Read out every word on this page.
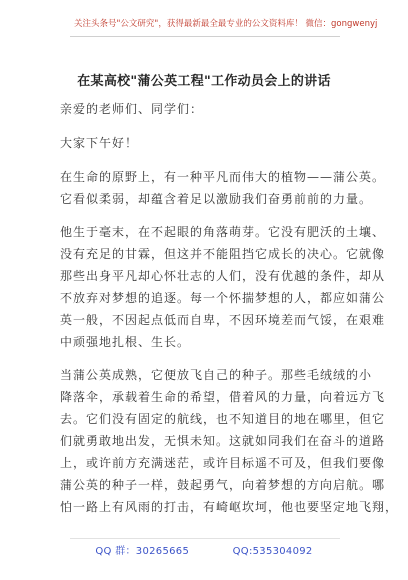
关注头条号"公文研究"，获得最新最全最专业的公文资料库！ 微信：gongwenyj
在某高校"蒲公英工程"工作动员会上的讲话
亲爱的老师们、同学们：
大家下午好！
在生命的原野上，有一种平凡而伟大的植物——蒲公英。
它看似柔弱，却蕴含着足以激励我们奋勇前前的力量。
他生于毫末，在不起眼的角落萌芽。它没有肥沃的土壤、
没有充足的甘霖，但这并不能阻挡它成长的决心。它就像
那些出身平凡却心怀壮志的人们，没有优越的条件，却从
不放弃对梦想的追逐。每一个怀揣梦想的人，都应如蒲公
英一般，不因起点低而自卑，不因环境差而气馁，在艰难
中顽强地扎根、生长。
当蒲公英成熟，它便放飞自己的种子。那些毛绒绒的小
降落伞，承载着生命的希望，借着风的力量，向着远方飞
去。它们没有固定的航线，也不知道目的地在哪里，但它
们就勇敢地出发，无惧未知。这就如同我们在奋斗的道路
上，或许前方充满迷茫，或许目标遥不可及，但我们要像
蒲公英的种子一样，鼓起勇气，向着梦想的方向启航。哪
怕一路上有风雨的打击，有崎岖坎坷，他也要坚定地飞翔，
QQ 群：30265665	QQ:535304092
